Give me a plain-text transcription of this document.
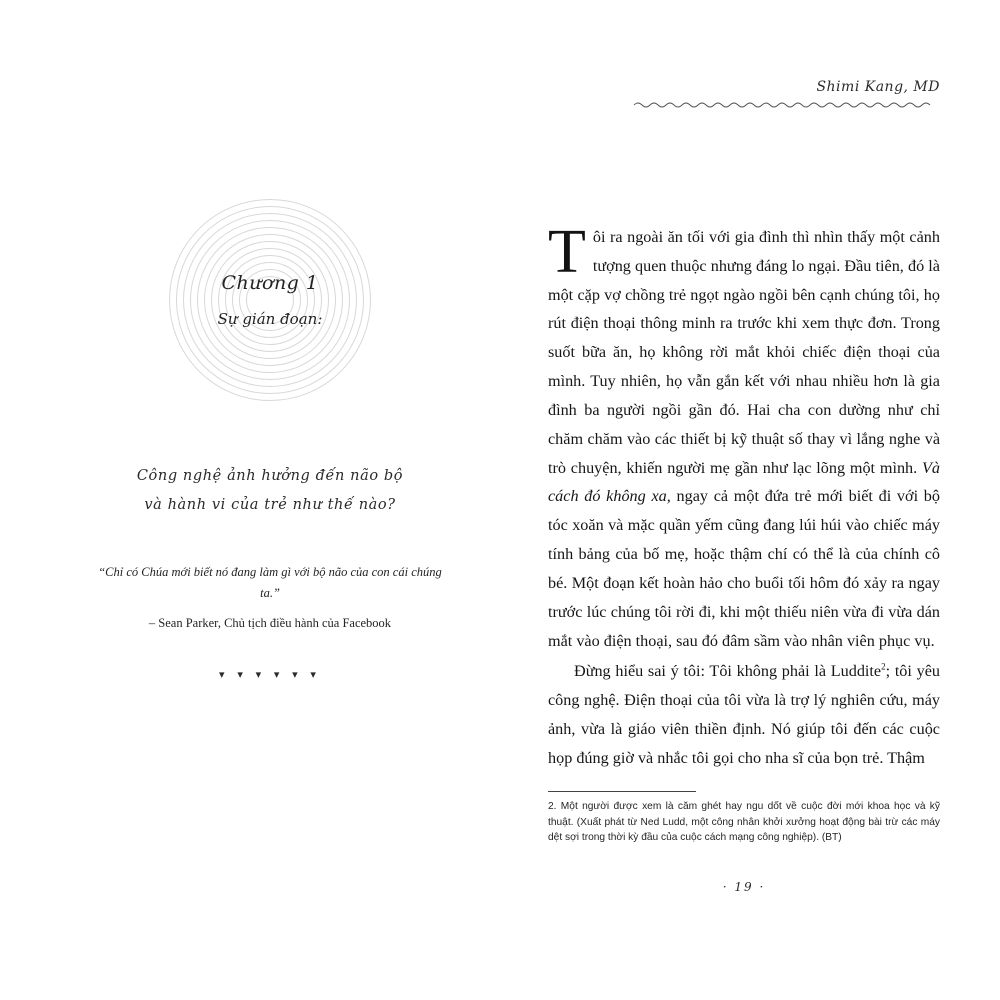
Chương 1
Sự gián đoạn:
Công nghệ ảnh hưởng đến não bộ
và hành vi của trẻ như thế nào?
“Chỉ có Chúa mới biết nó đang làm gì với bộ não của con cái chúng ta.”
– Sean Parker, Chủ tịch điều hành của Facebook
▾ ▾ ▾ ▾ ▾ ▾
Shimi Kang, MD

Tôi ra ngoài ăn tối với gia đình thì nhìn thấy một cảnh tượng quen thuộc nhưng đáng lo ngại. Đầu tiên, đó là một cặp vợ chồng trẻ ngọt ngào ngồi bên cạnh chúng tôi, họ rút điện thoại thông minh ra trước khi xem thực đơn. Trong suốt bữa ăn, họ không rời mắt khỏi chiếc điện thoại của mình. Tuy nhiên, họ vẫn gắn kết với nhau nhiều hơn là gia đình ba người ngồi gần đó. Hai cha con dường như chỉ chăm chăm vào các thiết bị kỹ thuật số thay vì lắng nghe và trò chuyện, khiến người mẹ gần như lạc lõng một mình. Và cách đó không xa, ngay cả một đứa trẻ mới biết đi với bộ tóc xoăn và mặc quần yếm cũng đang lúi húi vào chiếc máy tính bảng của bố mẹ, hoặc thậm chí có thể là của chính cô bé. Một đoạn kết hoàn hảo cho buổi tối hôm đó xảy ra ngay trước lúc chúng tôi rời đi, khi một thiếu niên vừa đi vừa dán mắt vào điện thoại, sau đó đâm sầm vào nhân viên phục vụ.

Đừng hiểu sai ý tôi: Tôi không phải là Luddite$^2$; tôi yêu công nghệ. Điện thoại của tôi vừa là trợ lý nghiên cứu, máy ảnh, vừa là giáo viên thiền định. Nó giúp tôi đến các cuộc họp đúng giờ và nhắc tôi gọi cho nha sĩ của bọn trẻ. Thậm

2. Một người được xem là căm ghét hay ngu dốt về cuộc đời mới khoa học và kỹ thuật. (Xuất phát từ Ned Ludd, một công nhân khởi xưởng hoạt động bài trừ các máy dệt sợi trong thời kỳ đầu của cuộc cách mạng công nghiệp). (BT)
· 19 ·
